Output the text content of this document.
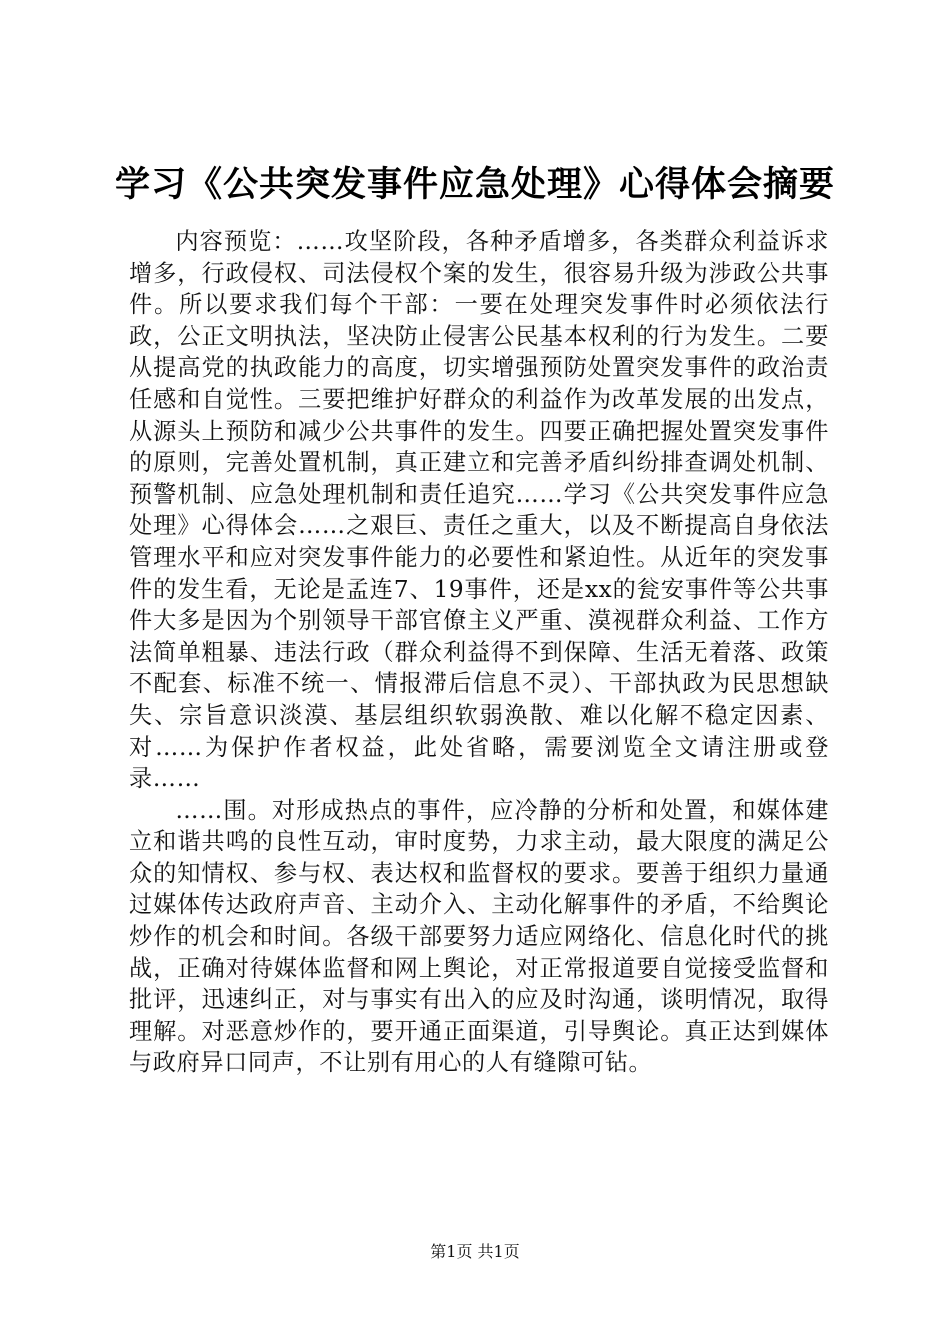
学习《公共突发事件应急处理》心得体会摘要

内容预览：……攻坚阶段，各种矛盾增多，各类群众利益诉求增多，行政侵权、司法侵权个案的发生，很容易升级为涉政公共事件。所以要求我们每个干部：一要在处理突发事件时必须依法行政，公正文明执法，坚决防止侵害公民基本权利的行为发生。二要从提高党的执政能力的高度，切实增强预防处置突发事件的政治责任感和自觉性。三要把维护好群众的利益作为改革发展的出发点，从源头上预防和减少公共事件的发生。四要正确把握处置突发事件的原则，完善处置机制，真正建立和完善矛盾纠纷排查调处机制、预警机制、应急处理机制和责任追究……学习《公共突发事件应急处理》心得体会……之艰巨、责任之重大，以及不断提高自身依法管理水平和应对突发事件能力的必要性和紧迫性。从近年的突发事件的发生看，无论是孟连7、19事件，还是xx的瓮安事件等公共事件大多是因为个别领导干部官僚主义严重、漠视群众利益、工作方法简单粗暴、违法行政（群众利益得不到保障、生活无着落、政策不配套、标准不统一、情报滞后信息不灵）、干部执政为民思想缺失、宗旨意识淡漠、基层组织软弱涣散、难以化解不稳定因素、对……为保护作者权益，此处省略，需要浏览全文请注册或登录……

……围。对形成热点的事件，应冷静的分析和处置，和媒体建立和谐共鸣的良性互动，审时度势，力求主动，最大限度的满足公众的知情权、参与权、表达权和监督权的要求。要善于组织力量通过媒体传达政府声音、主动介入、主动化解事件的矛盾，不给舆论炒作的机会和时间。各级干部要努力适应网络化、信息化时代的挑战，正确对待媒体监督和网上舆论，对正常报道要自觉接受监督和批评，迅速纠正，对与事实有出入的应及时沟通，谈明情况，取得理解。对恶意炒作的，要开通正面渠道，引导舆论。真正达到媒体与政府异口同声，不让别有用心的人有缝隙可钻。

第1页 共1页
